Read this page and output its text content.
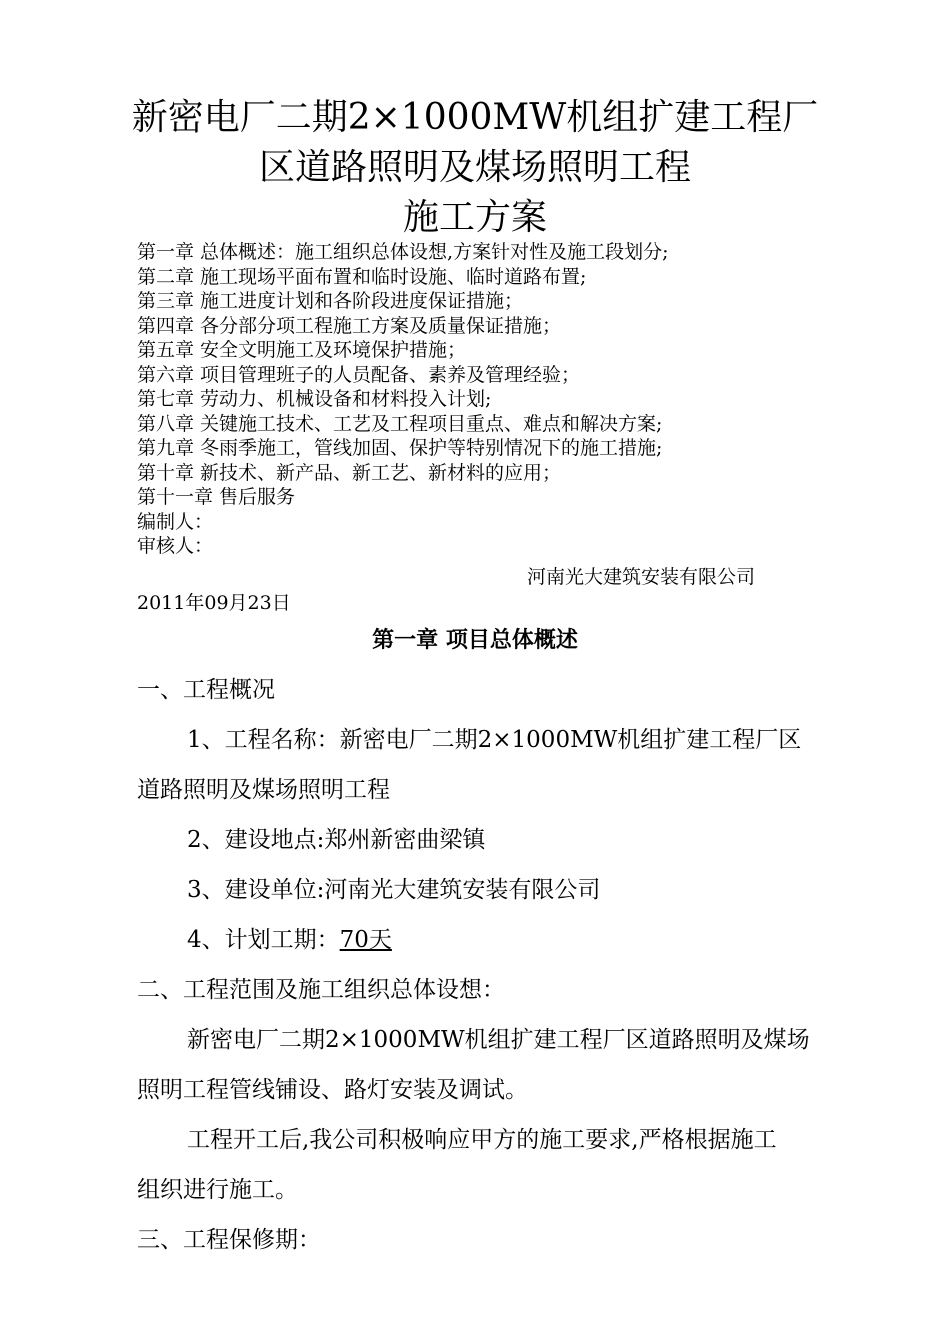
新密电厂二期2×1000MW机组扩建工程厂
区道路照明及煤场照明工程
施工方案
第一章 总体概述：施工组织总体设想,方案针对性及施工段划分;
第二章 施工现场平面布置和临时设施、临时道路布置;
第三章 施工进度计划和各阶段进度保证措施；
第四章 各分部分项工程施工方案及质量保证措施；
第五章 安全文明施工及环境保护措施；
第六章 项目管理班子的人员配备、素养及管理经验；
第七章 劳动力、机械设备和材料投入计划;
第八章 关键施工技术、工艺及工程项目重点、难点和解决方案;
第九章 冬雨季施工，管线加固、保护等特别情况下的施工措施;
第十章 新技术、新产品、新工艺、新材料的应用；
第十一章 售后服务
编制人：
审核人：
河南光大建筑安装有限公司
2011年09月23日
第一章 项目总体概述
一、工程概况
1、工程名称：新密电厂二期2×1000MW机组扩建工程厂区
道路照明及煤场照明工程
2、建设地点:郑州新密曲梁镇
3、建设单位:河南光大建筑安装有限公司
4、计划工期：70天
二、工程范围及施工组织总体设想：
新密电厂二期2×1000MW机组扩建工程厂区道路照明及煤场
照明工程管线铺设、路灯安装及调试。
工程开工后,我公司积极响应甲方的施工要求,严格根据施工
组织进行施工。
三、工程保修期：
